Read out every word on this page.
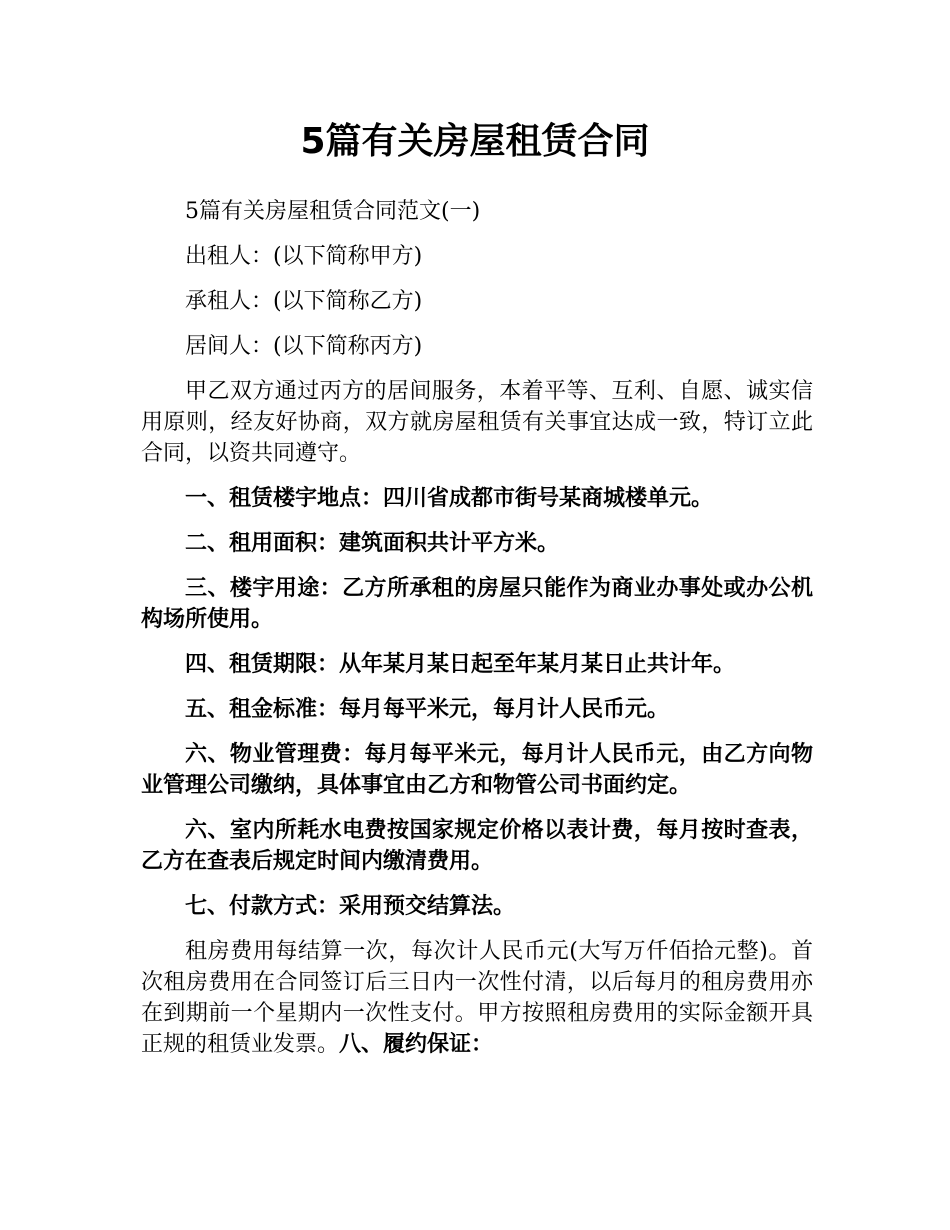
5篇有关房屋租赁合同

5篇有关房屋租赁合同范文(一)

出租人：(以下简称甲方)

承租人：(以下简称乙方)

居间人：(以下简称丙方)

甲乙双方通过丙方的居间服务，本着平等、互利、自愿、诚实信用原则，经友好协商，双方就房屋租赁有关事宜达成一致，特订立此合同，以资共同遵守。

一、租赁楼宇地点：四川省成都市街号某商城楼单元。

二、租用面积：建筑面积共计平方米。

三、楼宇用途：乙方所承租的房屋只能作为商业办事处或办公机构场所使用。

四、租赁期限：从年某月某日起至年某月某日止共计年。

五、租金标准：每月每平米元，每月计人民币元。

六、物业管理费：每月每平米元，每月计人民币元，由乙方向物业管理公司缴纳，具体事宜由乙方和物管公司书面约定。

六、室内所耗水电费按国家规定价格以表计费，每月按时查表，乙方在查表后规定时间内缴清费用。

七、付款方式：采用预交结算法。

租房费用每结算一次，每次计人民币元(大写万仟佰拾元整)。首次租房费用在合同签订后三日内一次性付清，以后每月的租房费用亦在到期前一个星期内一次性支付。甲方按照租房费用的实际金额开具正规的租赁业发票。八、履约保证：
